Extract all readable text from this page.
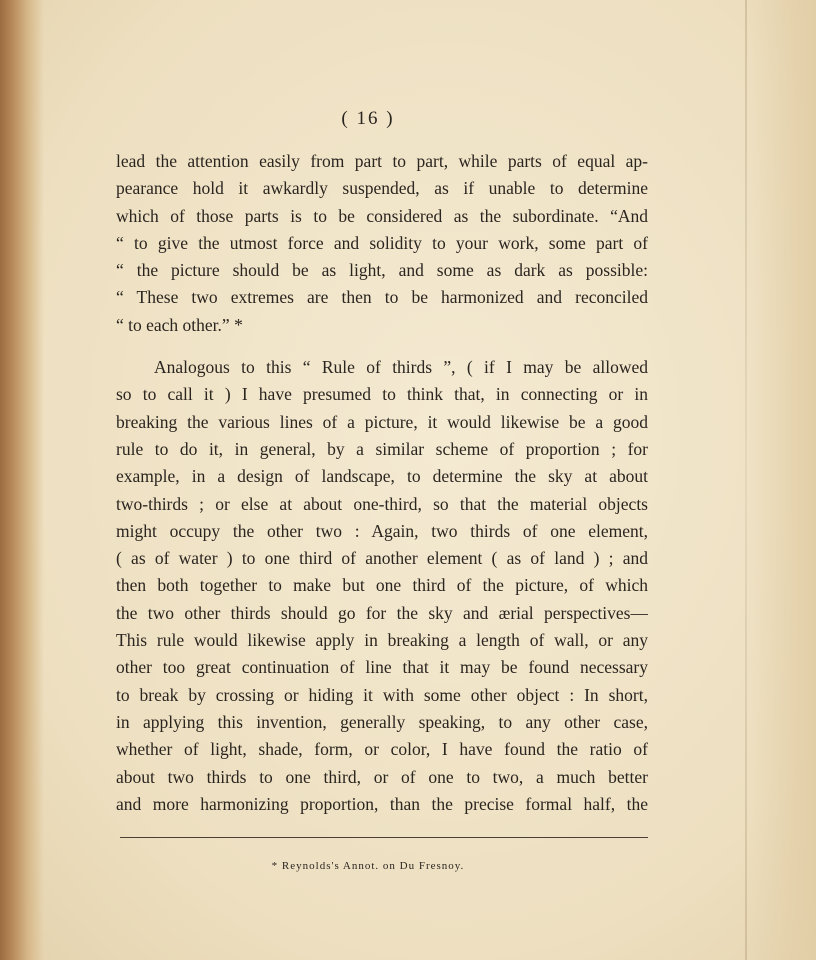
( 16 )
lead the attention easily from part to part, while parts of equal ap-
pearance hold it awkardly suspended, as if unable to determine
which of those parts is to be considered as the subordinate. “And
“ to give the utmost force and solidity to your work, some part of
“ the picture should be as light, and some as dark as possible:
“ These two extremes are then to be harmonized and reconciled
“ to each other.” *
Analogous to this “ Rule of thirds ”, ( if I may be allowed
so to call it ) I have presumed to think that, in connecting or in
breaking the various lines of a picture, it would likewise be a good
rule to do it, in general, by a similar scheme of proportion ; for
example, in a design of landscape, to determine the sky at about
two-thirds ; or else at about one-third, so that the material objects
might occupy the other two : Again, two thirds of one element,
( as of water ) to one third of another element ( as of land ) ; and
then both together to make but one third of the picture, of which
the two other thirds should go for the sky and ærial perspectives—
This rule would likewise apply in breaking a length of wall, or any
other too great continuation of line that it may be found necessary
to break by crossing or hiding it with some other object : In short,
in applying this invention, generally speaking, to any other case,
whether of light, shade, form, or color, I have found the ratio of
about two thirds to one third, or of one to two, a much better
and more harmonizing proportion, than the precise formal half, the
* Reynolds's Annot. on Du Fresnoy.
